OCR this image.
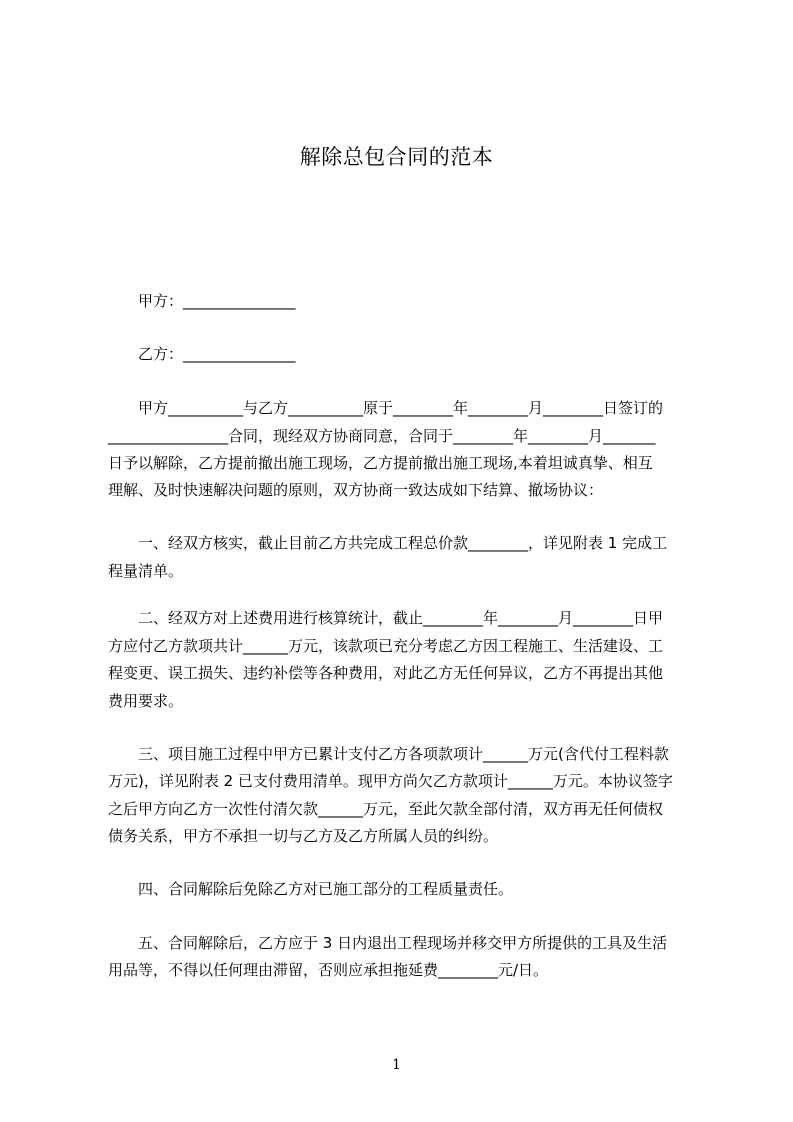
解除总包合同的范本
甲方：_______________
乙方：_______________
甲方__________与乙方__________原于________年________月________日签订的
________________合同，现经双方协商同意，合同于________年________月_______
日予以解除，乙方提前撤出施工现场，乙方提前撤出施工现场,本着坦诚真挚、相互
理解、及时快速解决问题的原则，双方协商一致达成如下结算、撤场协议：
一、经双方核实，截止目前乙方共完成工程总价款________，详见附表 1 完成工
程量清单。
二、经双方对上述费用进行核算统计，截止________年________月________日甲
方应付乙方款项共计______万元，该款项已充分考虑乙方因工程施工、生活建设、工
程变更、误工损失、违约补偿等各种费用，对此乙方无任何异议，乙方不再提出其他
费用要求。
三、项目施工过程中甲方已累计支付乙方各项款项计______万元(含代付工程料款
万元)，详见附表 2 已支付费用清单。现甲方尚欠乙方款项计______万元。本协议签字
之后甲方向乙方一次性付清欠款______万元，至此欠款全部付清，双方再无任何债权
债务关系，甲方不承担一切与乙方及乙方所属人员的纠纷。
四、合同解除后免除乙方对已施工部分的工程质量责任。
五、合同解除后，乙方应于 3 日内退出工程现场并移交甲方所提供的工具及生活
用品等，不得以任何理由滞留，否则应承担拖延费________元/日。
1
